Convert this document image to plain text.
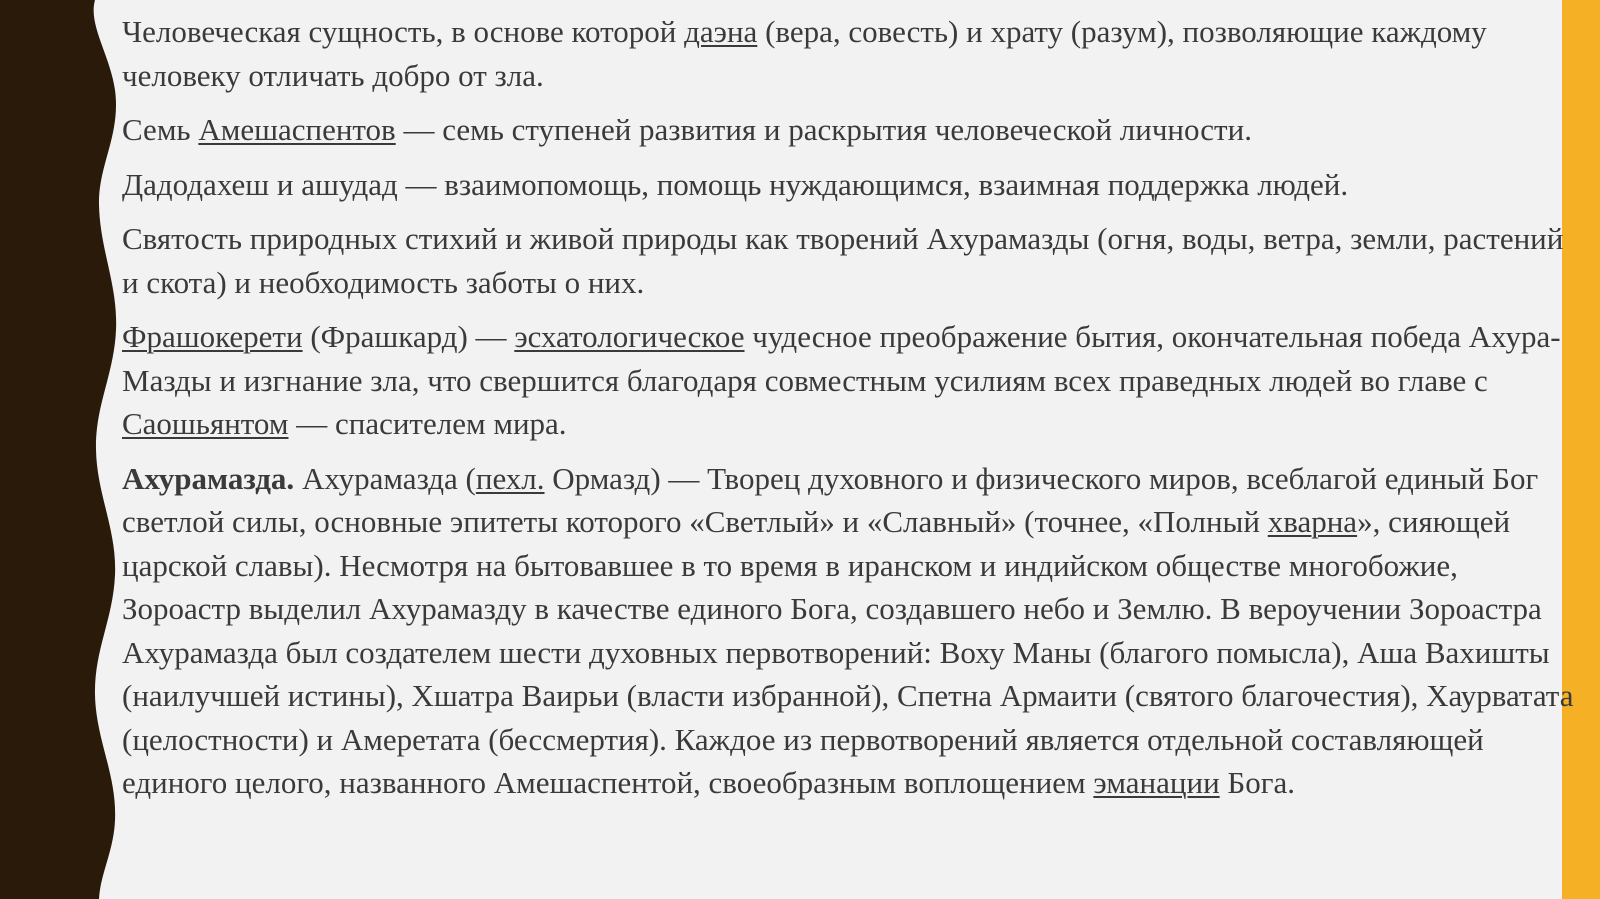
Человеческая сущность, в основе которой даэна (вера, совесть) и храту (разум), позволяющие каждому человеку отличать добро от зла.

Семь Амешаспентов — семь ступеней развития и раскрытия человеческой личности.

Дадодахеш и ашудад — взаимопомощь, помощь нуждающимся, взаимная поддержка людей.

Святость природных стихий и живой природы как творений Ахурамазды (огня, воды, ветра, земли, растений и скота) и необходимость заботы о них.

Фрашокерети (Фрашкард) — эсхатологическое чудесное преображение бытия, окончательная победа Ахура-Мазды и изгнание зла, что свершится благодаря совместным усилиям всех праведных людей во главе с Саошьянтом — спасителем мира.

Ахурамазда. Ахурамазда (пехл. Ормазд) — Творец духовного и физического миров, всеблагой единый Бог светлой силы, основные эпитеты которого «Светлый» и «Славный» (точнее, «Полный хварна», сияющей царской славы). Несмотря на бытовавшее в то время в иранском и индийском обществе многобожие, Зороастр выделил Ахурамазду в качестве единого Бога, создавшего небо и Землю. В вероучении Зороастра Ахурамазда был создателем шести духовных первотворений: Воху Маны (благого помысла), Аша Вахишты (наилучшей истины), Хшатра Ваирьи (власти избранной), Спетна Армаити (святого благочестия), Хаурватата (целостности) и Амеретата (бессмертия). Каждое из первотворений является отдельной составляющей единого целого, названного Амешаспентой, своеобразным воплощением эманации Бога.
